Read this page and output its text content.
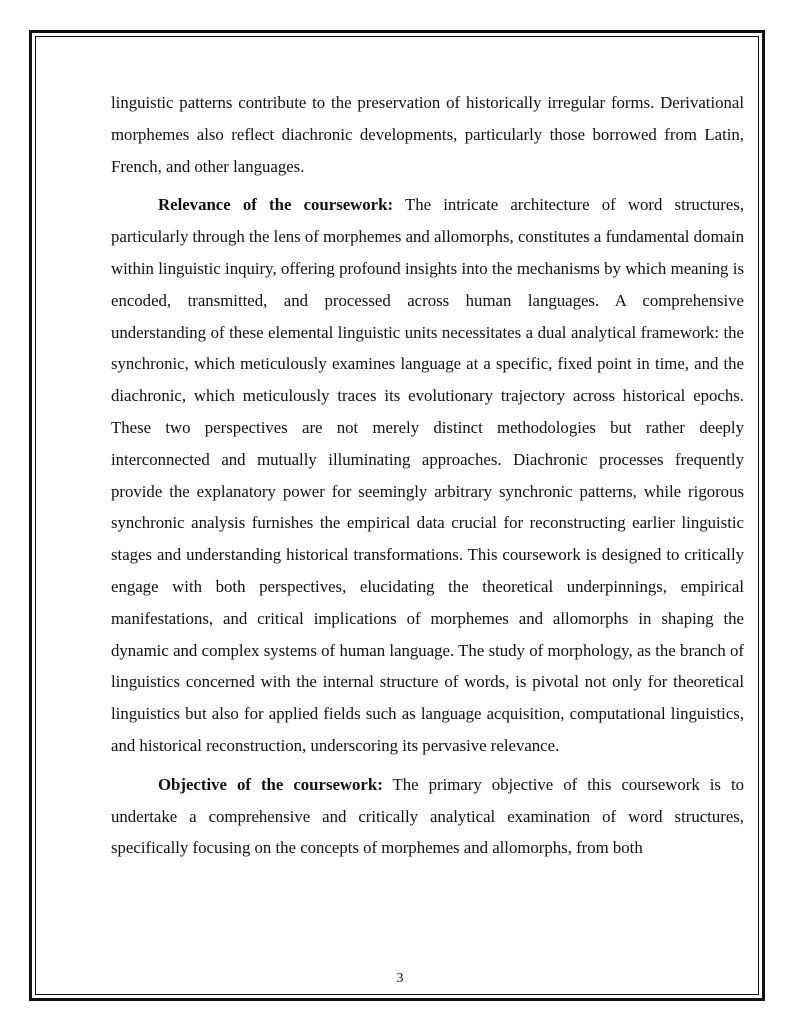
linguistic patterns contribute to the preservation of historically irregular forms. Derivational morphemes also reflect diachronic developments, particularly those borrowed from Latin, French, and other languages.

Relevance of the coursework: The intricate architecture of word structures, particularly through the lens of morphemes and allomorphs, constitutes a fundamental domain within linguistic inquiry, offering profound insights into the mechanisms by which meaning is encoded, transmitted, and processed across human languages. A comprehensive understanding of these elemental linguistic units necessitates a dual analytical framework: the synchronic, which meticulously examines language at a specific, fixed point in time, and the diachronic, which meticulously traces its evolutionary trajectory across historical epochs. These two perspectives are not merely distinct methodologies but rather deeply interconnected and mutually illuminating approaches. Diachronic processes frequently provide the explanatory power for seemingly arbitrary synchronic patterns, while rigorous synchronic analysis furnishes the empirical data crucial for reconstructing earlier linguistic stages and understanding historical transformations. This coursework is designed to critically engage with both perspectives, elucidating the theoretical underpinnings, empirical manifestations, and critical implications of morphemes and allomorphs in shaping the dynamic and complex systems of human language. The study of morphology, as the branch of linguistics concerned with the internal structure of words, is pivotal not only for theoretical linguistics but also for applied fields such as language acquisition, computational linguistics, and historical reconstruction, underscoring its pervasive relevance.

Objective of the coursework: The primary objective of this coursework is to undertake a comprehensive and critically analytical examination of word structures, specifically focusing on the concepts of morphemes and allomorphs, from both

3
